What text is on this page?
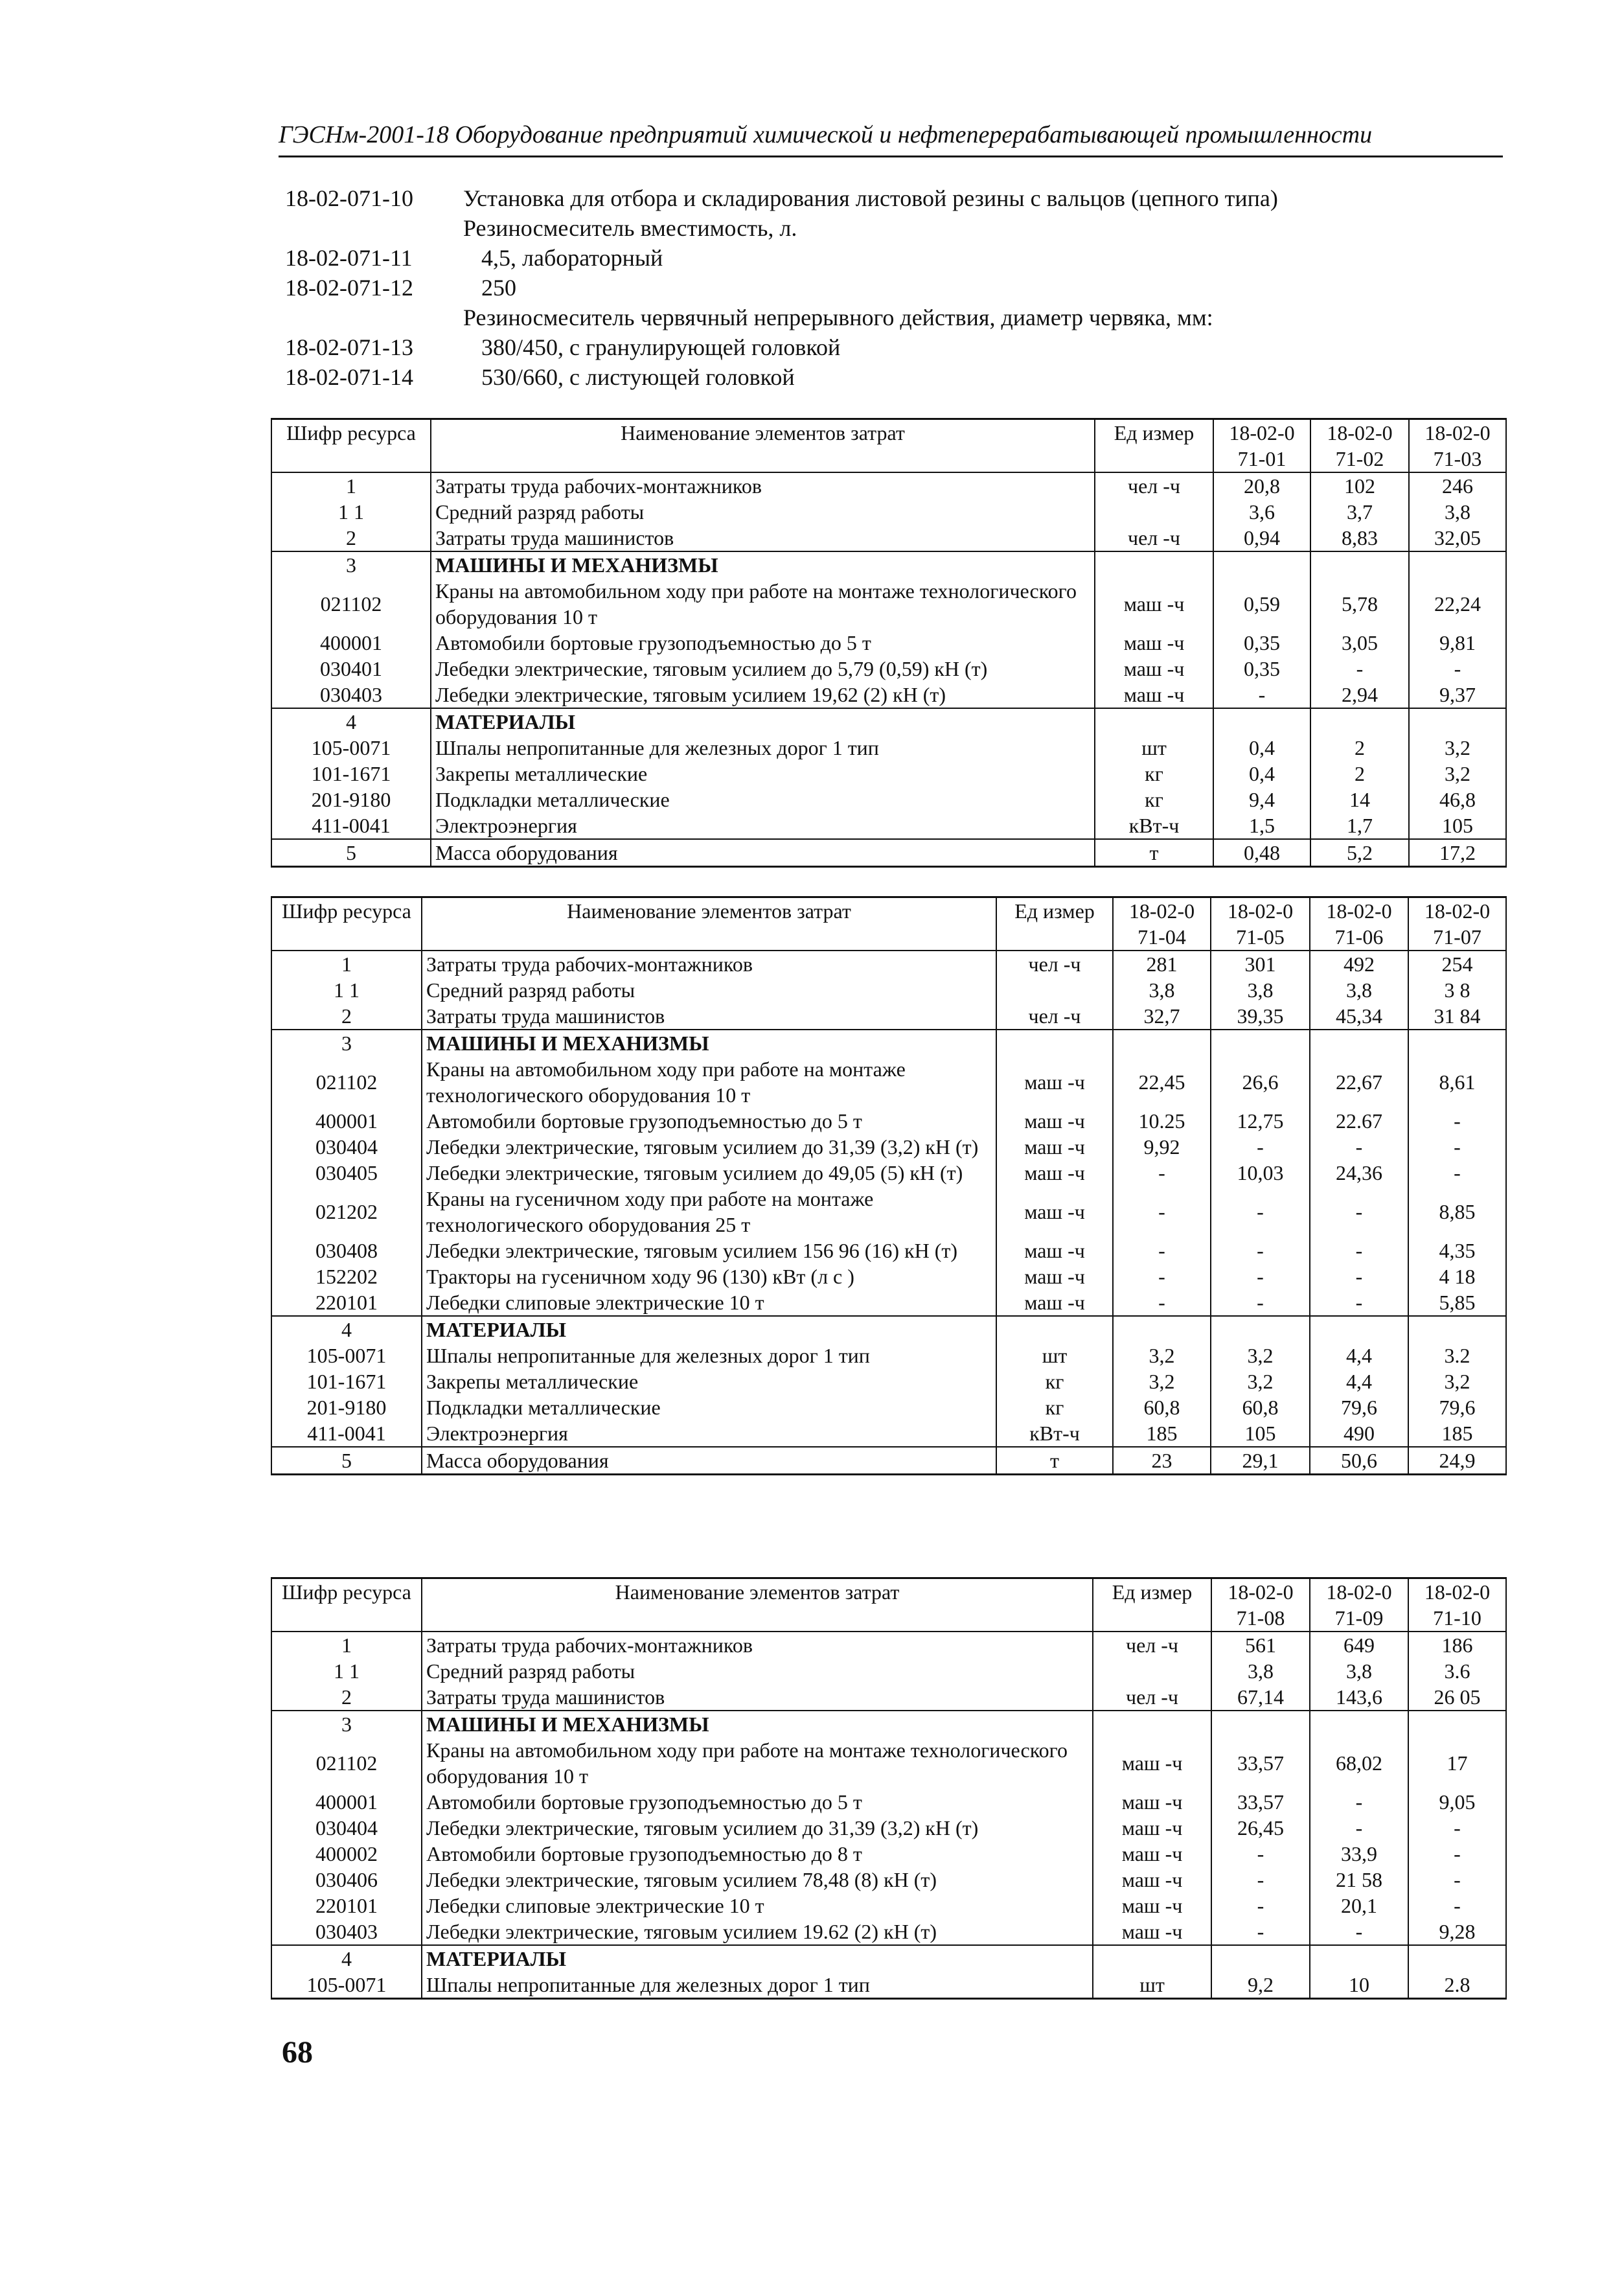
ГЭСНм-2001-18 Оборудование предприятий химической и нефтеперерабатывающей промышленности
18-02-071-10	Установка для отбора и складирования листовой резины с вальцов (цепного типа)
Резиносмеситель вместимость, л.
18-02-071-11	4,5, лабораторный
18-02-071-12	250
Резиносмеситель червячный непрерывного действия, диаметр червяка, мм:
18-02-071-13	380/450, с гранулирующей головкой
18-02-071-14	530/660, с листующей головкой
Шифр ресурса	Наименование элементов затрат	Ед измер	18-02-071-01	18-02-071-02	18-02-071-03
1	Затраты труда рабочих-монтажников	чел -ч	20,8	102	246
1 1	Средний разряд работы		3,6	3,7	3,8
2	Затраты труда машинистов	чел -ч	0,94	8,83	32,05
3	МАШИНЫ И МЕХАНИЗМЫ				
021102	Краны на автомобильном ходу при работе на монтаже технологического оборудования 10 т	маш -ч	0,59	5,78	22,24
400001	Автомобили бортовые грузоподъемностью до 5 т	маш -ч	0,35	3,05	9,81
030401	Лебедки электрические, тяговым усилием до 5,79 (0,59) кН (т)	маш -ч	0,35	-	-
030403	Лебедки электрические, тяговым усилием 19,62 (2) кН (т)	маш -ч	-	2,94	9,37
4	МАТЕРИАЛЫ				
105-0071	Шпалы непропитанные для железных дорог 1 тип	шт	0,4	2	3,2
101-1671	Закрепы металлические	кг	0,4	2	3,2
201-9180	Подкладки металлические	кг	9,4	14	46,8
411-0041	Электроэнергия	кВт-ч	1,5	1,7	105
5	Масса оборудования	т	0,48	5,2	17,2
Шифр ресурса	Наименование элементов затрат	Ед измер	18-02-071-04	18-02-071-05	18-02-071-06	18-02-071-07
1	Затраты труда рабочих-монтажников	чел -ч	281	301	492	254
1 1	Средний разряд работы		3,8	3,8	3,8	3 8
2	Затраты труда машинистов	чел -ч	32,7	39,35	45,34	31 84
3	МАШИНЫ И МЕХАНИЗМЫ					
021102	Краны на автомобильном ходу при работе на монтаже технологического оборудования 10 т	маш -ч	22,45	26,6	22,67	8,61
400001	Автомобили бортовые грузоподъемностью до 5 т	маш -ч	10.25	12,75	22.67	-
030404	Лебедки электрические, тяговым усилием до 31,39 (3,2) кН (т)	маш -ч	9,92	-	-	-
030405	Лебедки электрические, тяговым усилием до 49,05 (5) кН (т)	маш -ч	-	10,03	24,36	-
021202	Краны на гусеничном ходу при работе на монтаже технологического оборудования 25 т	маш -ч	-	-	-	8,85
030408	Лебедки электрические, тяговым усилием 156 96 (16) кН (т)	маш -ч	-	-	-	4,35
152202	Тракторы на гусеничном ходу 96 (130) кВт (л с )	маш -ч	-	-	-	4 18
220101	Лебедки слиповые электрические 10 т	маш -ч	-	-	-	5,85
4	МАТЕРИАЛЫ					
105-0071	Шпалы непропитанные для железных дорог 1 тип	шт	3,2	3,2	4,4	3.2
101-1671	Закрепы металлические	кг	3,2	3,2	4,4	3,2
201-9180	Подкладки металлические	кг	60,8	60,8	79,6	79,6
411-0041	Электроэнергия	кВт-ч	185	105	490	185
5	Масса оборудования	т	23	29,1	50,6	24,9
Шифр ресурса	Наименование элементов затрат	Ед измер	18-02-071-08	18-02-071-09	18-02-071-10
1	Затраты труда рабочих-монтажников	чел -ч	561	649	186
1 1	Средний разряд работы		3,8	3,8	3.6
2	Затраты труда машинистов	чел -ч	67,14	143,6	26 05
3	МАШИНЫ И МЕХАНИЗМЫ				
021102	Краны на автомобильном ходу при работе на монтаже технологического оборудования 10 т	маш -ч	33,57	68,02	17
400001	Автомобили бортовые грузоподъемностью до 5 т	маш -ч	33,57	-	9,05
030404	Лебедки электрические, тяговым усилием до 31,39 (3,2) кН (т)	маш -ч	26,45	-	-
400002	Автомобили бортовые грузоподъемностью до 8 т	маш -ч	-	33,9	-
030406	Лебедки электрические, тяговым усилием 78,48 (8) кН (т)	маш -ч	-	21 58	-
220101	Лебедки слиповые электрические 10 т	маш -ч	-	20,1	-
030403	Лебедки электрические, тяговым усилием 19.62 (2) кН (т)	маш -ч	-	-	9,28
4	МАТЕРИАЛЫ				
105-0071	Шпалы непропитанные для железных дорог 1 тип	шт	9,2	10	2.8
68
